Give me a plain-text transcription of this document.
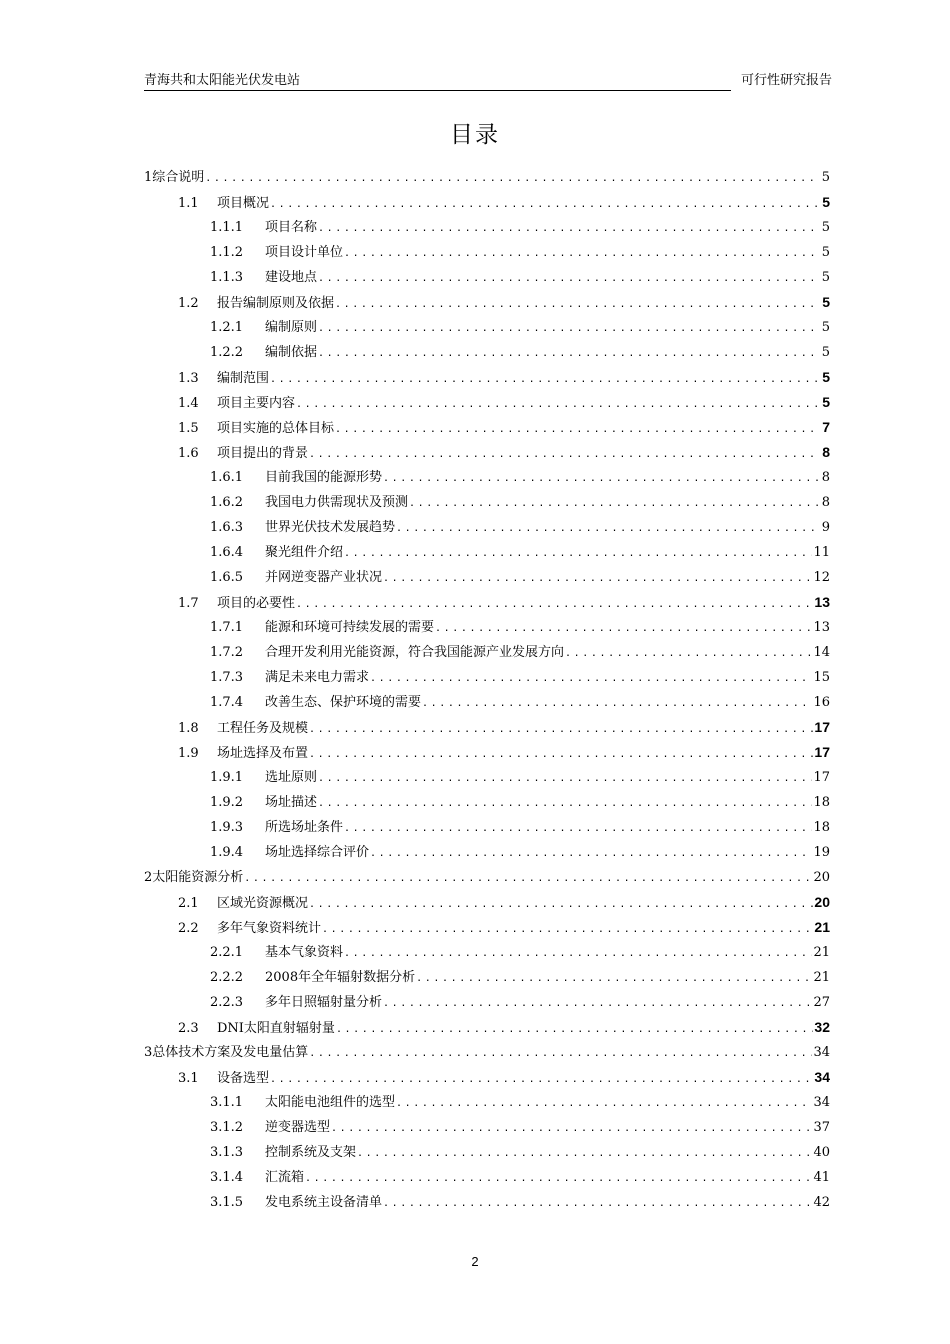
青海共和太阳能光伏发电站	可行性研究报告
目录
1 综合说明 .....	5
1.1	项目概况 .....	5
1.1.1	项目名称 .....	5
1.1.2	项目设计单位 .....	5
1.1.3	建设地点 .....	5
1.2	报告编制原则及依据 .....	5
1.2.1	编制原则 .....	5
1.2.2	编制依据 .....	5
1.3	编制范围 .....	5
1.4	项目主要内容 .....	5
1.5	项目实施的总体目标 .....	7
1.6	项目提出的背景 .....	8
1.6.1	目前我国的能源形势 .....	8
1.6.2	我国电力供需现状及预测 .....	8
1.6.3	世界光伏技术发展趋势 .....	9
1.6.4	聚光组件介绍 .....	11
1.6.5	并网逆变器产业状况 .....	12
1.7	项目的必要性 .....	13
1.7.1	能源和环境可持续发展的需要 .....	13
1.7.2	合理开发利用光能资源，符合我国能源产业发展方向 .....	14
1.7.3	满足未来电力需求 .....	15
1.7.4	改善生态、保护环境的需要 .....	16
1.8	工程任务及规模 .....	17
1.9	场址选择及布置 .....	17
1.9.1	选址原则 .....	17
1.9.2	场址描述 .....	18
1.9.3	所选场址条件 .....	18
1.9.4	场址选择综合评价 .....	19
2 太阳能资源分析 .....	20
2.1	区域光资源概况 .....	20
2.2	多年气象资料统计 .....	21
2.2.1	基本气象资料 .....	21
2.2.2	2008年全年辐射数据分析 .....	21
2.2.3	多年日照辐射量分析 .....	27
2.3	DNI太阳直射辐射量 .....	32
3 总体技术方案及发电量估算 .....	34
3.1	设备选型 .....	34
3.1.1	太阳能电池组件的选型 .....	34
3.1.2	逆变器选型 .....	37
3.1.3	控制系统及支架 .....	40
3.1.4	汇流箱 .....	41
3.1.5	发电系统主设备清单 .....	42
2
